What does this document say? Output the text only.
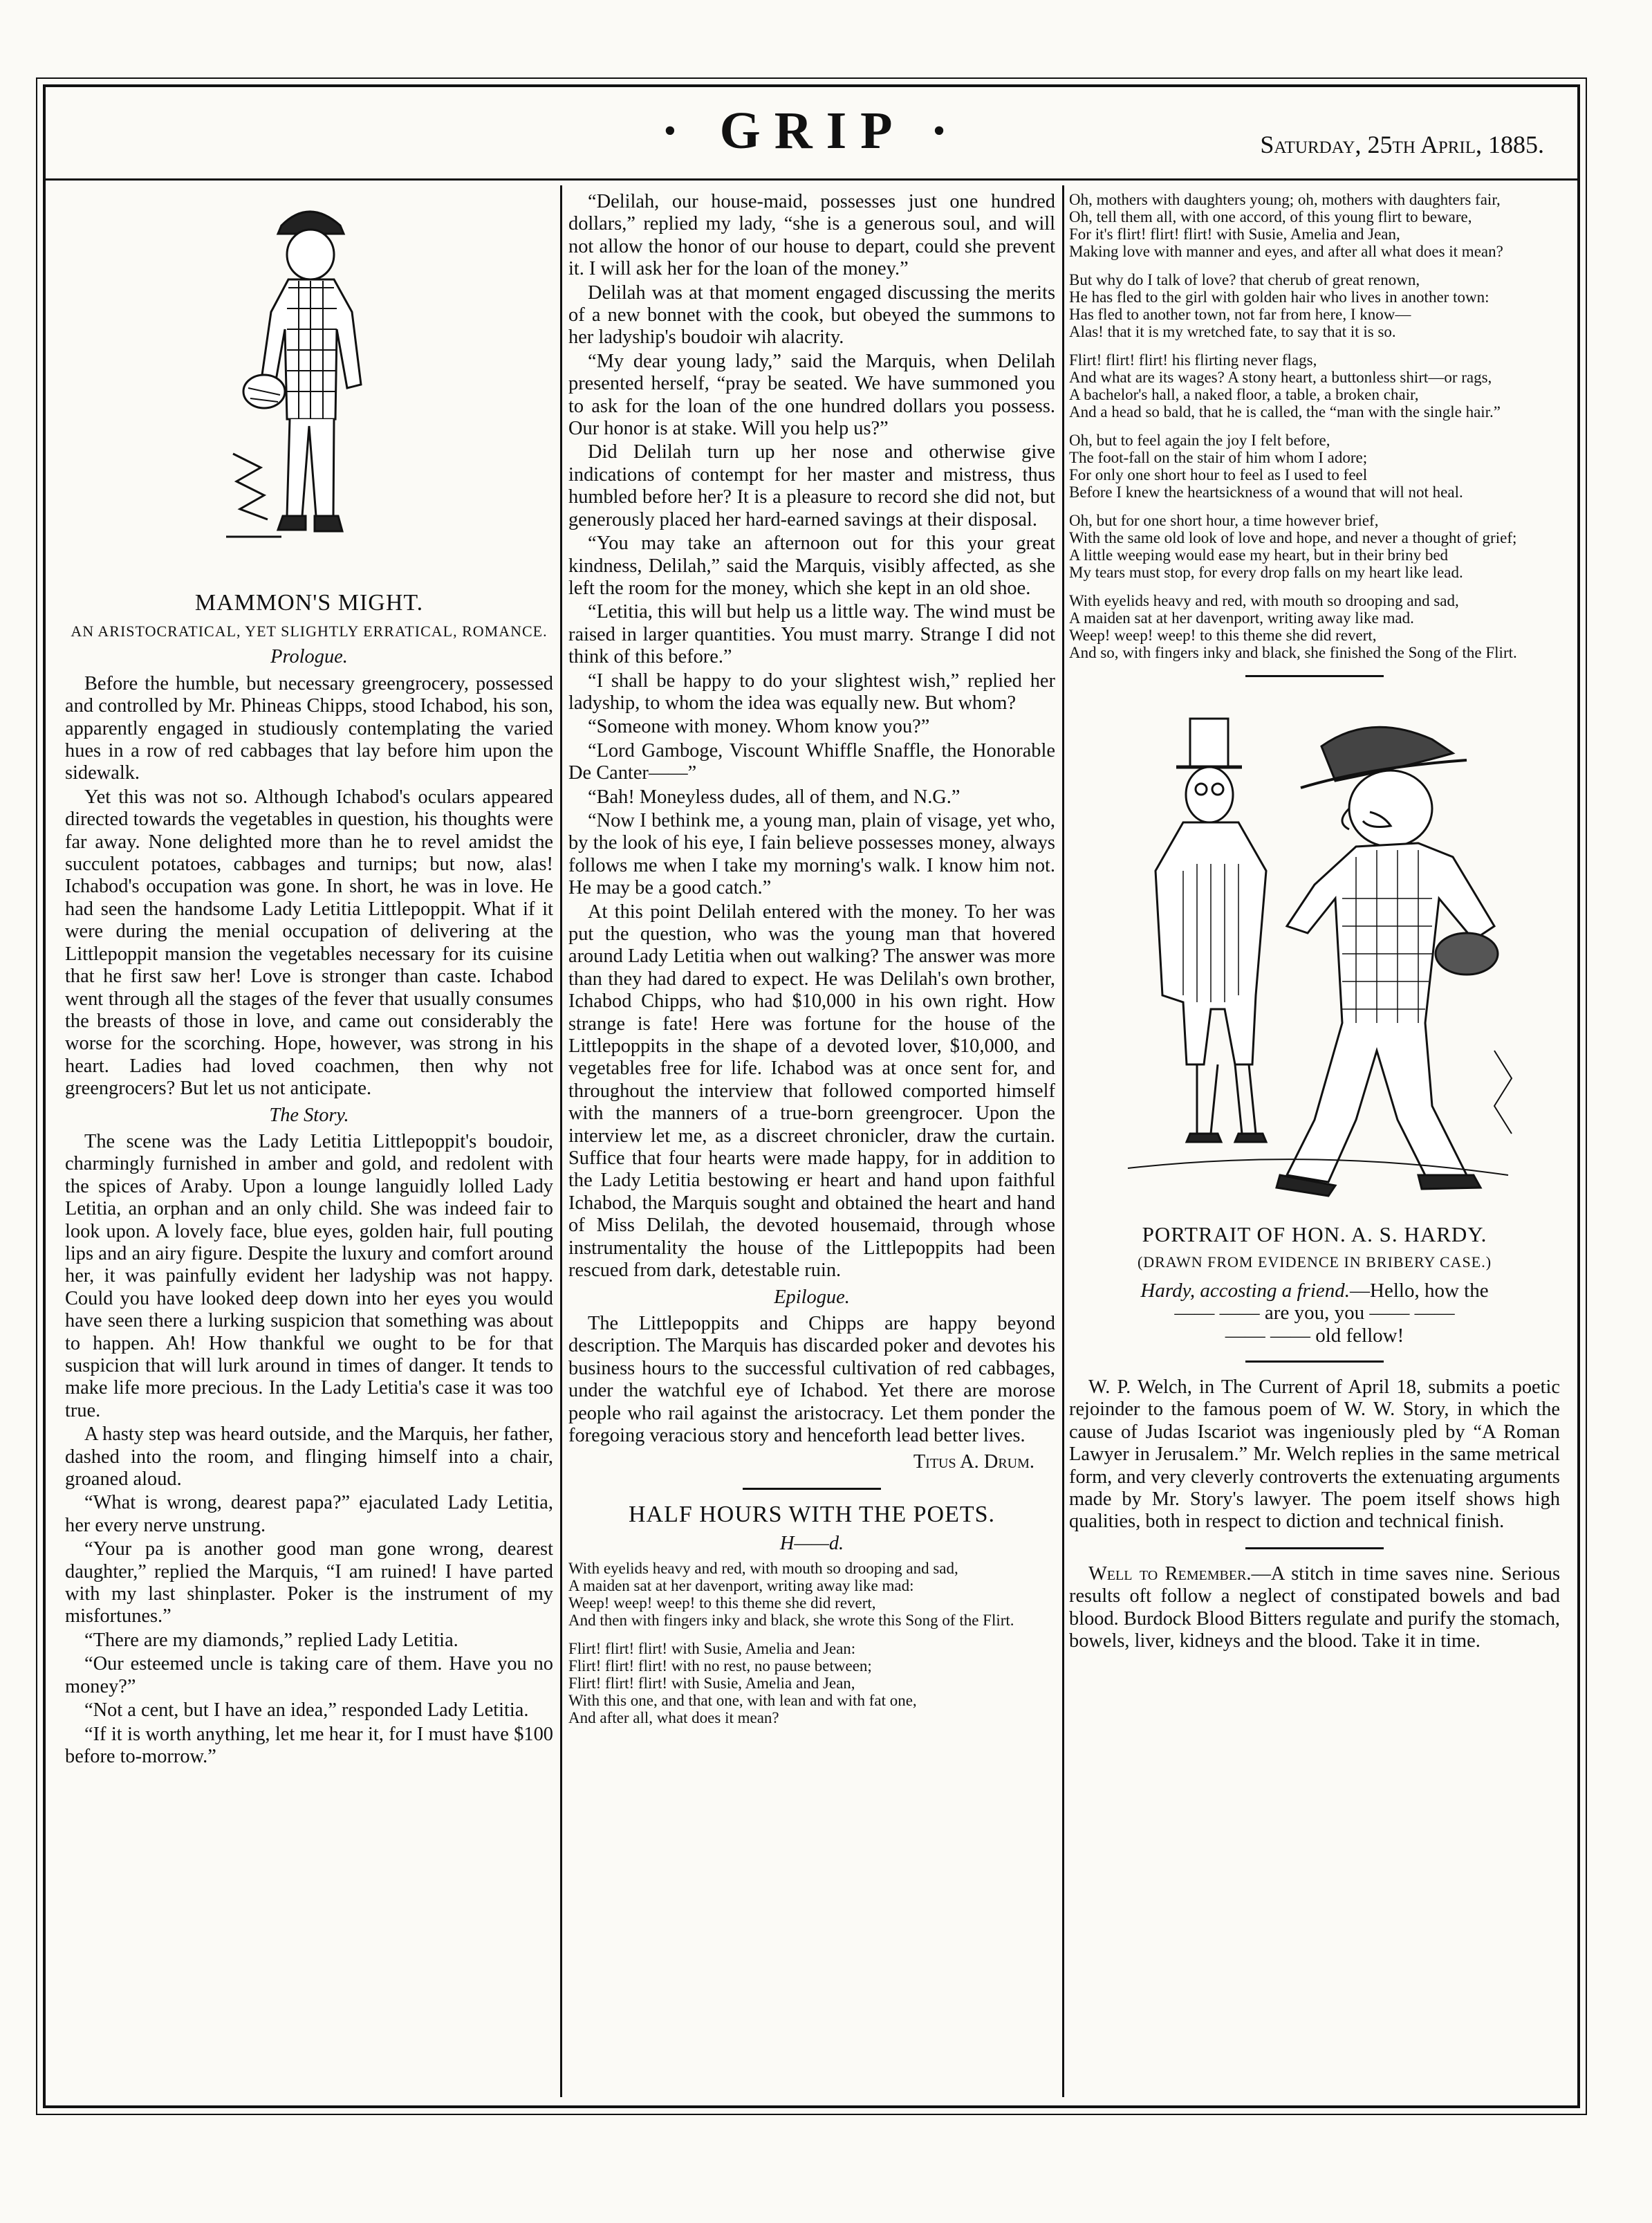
· GRIP ·	Saturday, 25th April, 1885.
MAMMON'S MIGHT.
AN ARISTOCRATICAL, YET SLIGHTLY ERRATICAL, ROMANCE.
Prologue.

Before the humble, but necessary greengrocery, possessed and controlled by Mr. Phineas Chipps, stood Ichabod, his son, apparently engaged in studiously contemplating the varied hues in a row of red cabbages that lay before him upon the sidewalk.

Yet this was not so. Although Ichabod's oculars appeared directed towards the vegetables in question, his thoughts were far away. None delighted more than he to revel amidst the succulent potatoes, cabbages and turnips; but now, alas! Ichabod's occupation was gone. In short, he was in love. He had seen the handsome Lady Letitia Littlepoppit. What if it were during the menial occupation of delivering at the Littlepoppit mansion the vegetables necessary for its cuisine that he first saw her! Love is stronger than caste. Ichabod went through all the stages of the fever that usually consumes the breasts of those in love, and came out considerably the worse for the scorching. Hope, however, was strong in his heart. Ladies had loved coachmen, then why not greengrocers? But let us not anticipate.

The Story.

The scene was the Lady Letitia Littlepoppit's boudoir, charmingly furnished in amber and gold, and redolent with the spices of Araby. Upon a lounge languidly lolled Lady Letitia, an orphan and an only child. She was indeed fair to look upon. A lovely face, blue eyes, golden hair, full pouting lips and an airy figure. Despite the luxury and comfort around her, it was painfully evident her ladyship was not happy. Could you have looked deep down into her eyes you would have seen there a lurking suspicion that something was about to happen. Ah! How thankful we ought to be for that suspicion that will lurk around in times of danger. It tends to make life more precious. In the Lady Letitia's case it was too true.

A hasty step was heard outside, and the Marquis, her father, dashed into the room, and flinging himself into a chair, groaned aloud.

“What is wrong, dearest papa?” ejaculated Lady Letitia, her every nerve unstrung.

“Your pa is another good man gone wrong, dearest daughter,” replied the Marquis, “I am ruined! I have parted with my last shinplaster. Poker is the instrument of my misfortunes.”

“There are my diamonds,” replied Lady Letitia.

“Our esteemed uncle is taking care of them. Have you no money?”

“Not a cent, but I have an idea,” responded Lady Letitia.

“If it is worth anything, let me hear it, for I must have $100 before to-morrow.”

“Delilah, our house-maid, possesses just one hundred dollars,” replied my lady, “she is a generous soul, and will not allow the honor of our house to depart, could she prevent it. I will ask her for the loan of the money.”

Delilah was at that moment engaged discussing the merits of a new bonnet with the cook, but obeyed the summons to her ladyship's boudoir wih alacrity.

“My dear young lady,” said the Marquis, when Delilah presented herself, “pray be seated. We have summoned you to ask for the loan of the one hundred dollars you possess. Our honor is at stake. Will you help us?”

Did Delilah turn up her nose and otherwise give indications of contempt for her master and mistress, thus humbled before her? It is a pleasure to record she did not, but generously placed her hard-earned savings at their disposal.

“You may take an afternoon out for this your great kindness, Delilah,” said the Marquis, visibly affected, as she left the room for the money, which she kept in an old shoe.

“Letitia, this will but help us a little way. The wind must be raised in larger quantities. You must marry. Strange I did not think of this before.”

“I shall be happy to do your slightest wish,” replied her ladyship, to whom the idea was equally new. But whom?

“Someone with money. Whom know you?”

“Lord Gamboge, Viscount Whiffle Snaffle, the Honorable De Canter——”

“Bah! Moneyless dudes, all of them, and N.G.”

“Now I bethink me, a young man, plain of visage, yet who, by the look of his eye, I fain believe possesses money, always follows me when I take my morning's walk. I know him not. He may be a good catch.”

At this point Delilah entered with the money. To her was put the question, who was the young man that hovered around Lady Letitia when out walking? The answer was more than they had dared to expect. He was Delilah's own brother, Ichabod Chipps, who had $10,000 in his own right. How strange is fate! Here was fortune for the house of the Littlepoppits in the shape of a devoted lover, $10,000, and vegetables free for life. Ichabod was at once sent for, and throughout the interview that followed comported himself with the manners of a true-born greengrocer. Upon the interview let me, as a discreet chronicler, draw the curtain. Suffice that four hearts were made happy, for in addition to the Lady Letitia bestowing er heart and hand upon faithful Ichabod, the Marquis sought and obtained the heart and hand of Miss Delilah, the devoted housemaid, through whose instrumentality the house of the Littlepoppits had been rescued from dark, detestable ruin.

Epilogue.

The Littlepoppits and Chipps are happy beyond description. The Marquis has discarded poker and devotes his business hours to the successful cultivation of red cabbages, under the watchful eye of Ichabod. Yet there are morose people who rail against the aristocracy. Let them ponder the foregoing veracious story and henceforth lead better lives.

Titus A. Drum.
HALF HOURS WITH THE POETS.
H——d.
With eyelids heavy and red, with mouth so drooping and sad,
A maiden sat at her davenport, writing away like mad:
Weep! weep! weep! to this theme she did revert,
And then with fingers inky and black, she wrote this Song of the Flirt.
Flirt! flirt! flirt! with Susie, Amelia and Jean:
Flirt! flirt! flirt! with no rest, no pause between;
Flirt! flirt! flirt! with Susie, Amelia and Jean,
With this one, and that one, with lean and with fat one,
And after all, what does it mean?
Oh, mothers with daughters young; oh, mothers with daughters fair,
Oh, tell them all, with one accord, of this young flirt to beware,
For it's flirt! flirt! flirt! with Susie, Amelia and Jean,
Making love with manner and eyes, and after all what does it mean?
But why do I talk of love? that cherub of great renown,
He has fled to the girl with golden hair who lives in another town:
Has fled to another town, not far from here, I know—
Alas! that it is my wretched fate, to say that it is so.
Flirt! flirt! flirt! his flirting never flags,
And what are its wages? A stony heart, a buttonless shirt—or rags,
A bachelor's hall, a naked floor, a table, a broken chair,
And a head so bald, that he is called, the “man with the single hair.”
Oh, but to feel again the joy I felt before,
The foot-fall on the stair of him whom I adore;
For only one short hour to feel as I used to feel
Before I knew the heartsickness of a wound that will not heal.
Oh, but for one short hour, a time however brief,
With the same old look of love and hope, and never a thought of grief;
A little weeping would ease my heart, but in their briny bed
My tears must stop, for every drop falls on my heart like lead.
With eyelids heavy and red, with mouth so drooping and sad,
A maiden sat at her davenport, writing away like mad.
Weep! weep! weep! to this theme she did revert,
And so, with fingers inky and black, she finished the Song of the Flirt.
PORTRAIT OF HON. A. S. HARDY.
(DRAWN FROM EVIDENCE IN BRIBERY CASE.)
Hardy, accosting a friend.—Hello, how the
—— —— are you, you —— ——
—— —— old fellow!

W. P. Welch, in The Current of April 18, submits a poetic rejoinder to the famous poem of W. W. Story, in which the cause of Judas Iscariot was ingeniously pled by “A Roman Lawyer in Jerusalem.” Mr. Welch replies in the same metrical form, and very cleverly controverts the extenuating arguments made by Mr. Story's lawyer. The poem itself shows high qualities, both in respect to diction and technical finish.

Well to Remember.—A stitch in time saves nine. Serious results oft follow a neglect of constipated bowels and bad blood. Burdock Blood Bitters regulate and purify the stomach, bowels, liver, kidneys and the blood. Take it in time.
